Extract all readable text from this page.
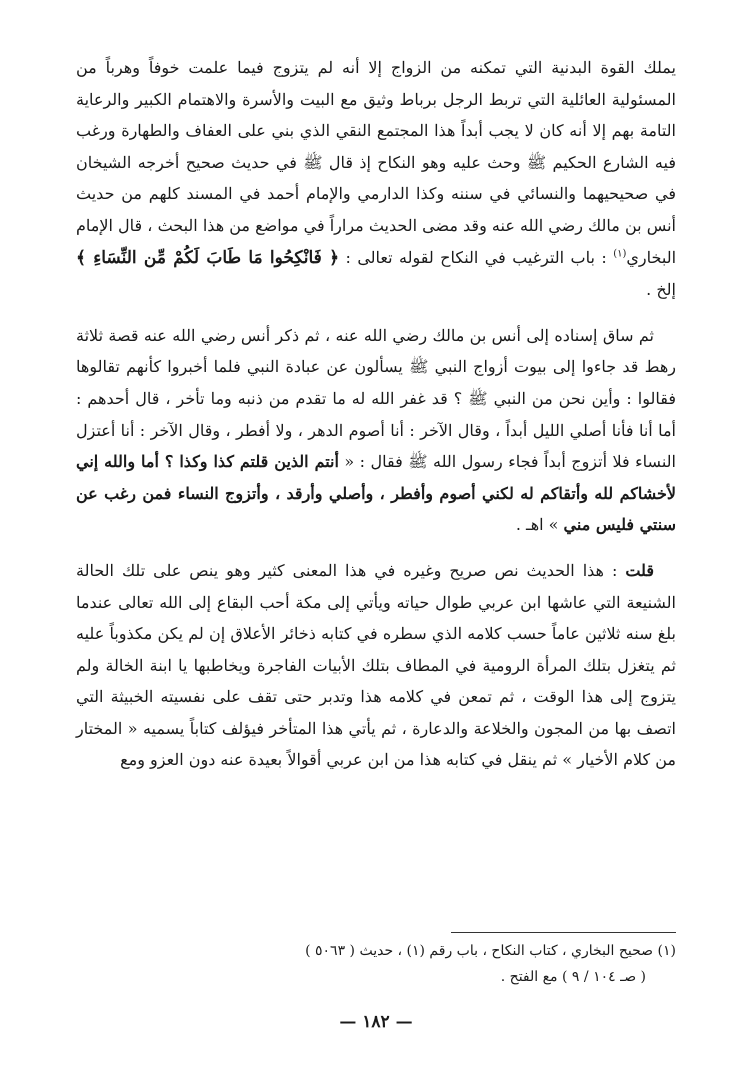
يملك القوة البدنية التي تمكنه من الزواج إلا أنه لم يتزوج فيما علمت خوفاً وهرباً من المسئولية العائلية التي تربط الرجل برباط وثيق مع البيت والأسرة والاهتمام الكبير والرعاية التامة بهم إلا أنه كان لا يجب أبداً هذا المجتمع النقي الذي بني على العفاف والطهارة ورغب فيه الشارع الحكيم ﷺ وحث عليه وهو النكاح إذ قال ﷺ في حديث صحيح أخرجه الشيخان في صحيحيهما والنسائي في سننه وكذا الدارمي والإمام أحمد في المسند كلهم من حديث أنس بن مالك رضي الله عنه وقد مضى الحديث مراراً في مواضع من هذا البحث ، قال الإمام البخاري$^{(١)}$ : باب الترغيب في النكاح لقوله تعالى : ﴿ فَانْكِحُوا مَا طَابَ لَكُمْ مِّن النِّسَاءِ ﴾ إلخ .

ثم ساق إسناده إلى أنس بن مالك رضي الله عنه ، ثم ذكر أنس رضي الله عنه قصة ثلاثة رهط قد جاءوا إلى بيوت أزواج النبي ﷺ يسألون عن عبادة النبي فلما أخبروا كأنهم تقالوها فقالوا : وأين نحن من النبي ﷺ ؟ قد غفر الله له ما تقدم من ذنبه وما تأخر ، قال أحدهم : أما أنا فأنا أصلي الليل أبداً ، وقال الآخر : أنا أصوم الدهر ، ولا أفطر ، وقال الآخر : أنا أعتزل النساء فلا أتزوج أبداً فجاء رسول الله ﷺ فقال : « أنتم الذين قلتم كذا وكذا ؟ أما والله إني لأخشاكم لله وأتقاكم له لكني أصوم وأفطر ، وأصلي وأرقد ، وأتزوج النساء فمن رغب عن سنتي فليس مني » اهـ .

قلت : هذا الحديث نص صريح وغيره في هذا المعنى كثير وهو ينص على تلك الحالة الشنيعة التي عاشها ابن عربي طوال حياته ويأتي إلى مكة أحب البقاع إلى الله تعالى عندما بلغ سنه ثلاثين عاماً حسب كلامه الذي سطره في كتابه ذخائر الأعلاق إن لم يكن مكذوباً عليه ثم يتغزل بتلك المرأة الرومية في المطاف بتلك الأبيات الفاجرة ويخاطبها يا ابنة الخالة ولم يتزوج إلى هذا الوقت ، ثم تمعن في كلامه هذا وتدبر حتى تقف على نفسيته الخبيثة التي اتصف بها من المجون والخلاعة والدعارة ، ثم يأتي هذا المتأخر فيؤلف كتاباً يسميه « المختار من كلام الأخيار » ثم ينقل في كتابه هذا من ابن عربي أقوالاً بعيدة عنه دون العزو ومع

(١) صحيح البخاري ، كتاب النكاح ، باب رقم (١) ، حديث ( ٥٠٦٣ )
( صـ ١٠٤ / ٩ ) مع الفتح .

— ١٨٢ —
